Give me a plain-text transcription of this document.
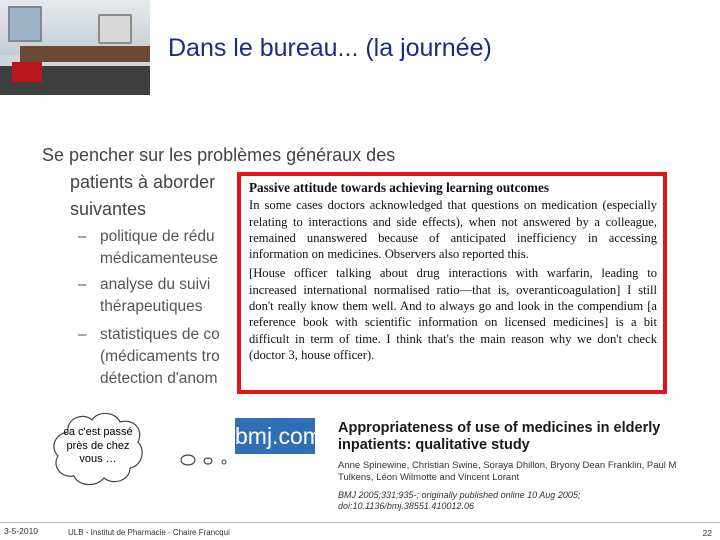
Dans le bureau... (la journée)
Se pencher sur les problèmes généraux des
patients à aborder
suivantes
– politique de rédu
médicamenteuse
– analyse du suivi
thérapeutiques
– statistiques de co
(médicaments tro
détection d'anom
Passive attitude towards achieving learning outcomes

In some cases doctors acknowledged that questions on medication (especially relating to interactions and side effects), when not answered by a colleague, remained unanswered because of anticipated inefficiency in accessing information on medicines. Observers also reported this.

[House officer talking about drug interactions with warfarin, leading to increased international normalised ratio—that is, overanticoagulation] I still don't really know them well. And to always go and look in the compendium [a reference book with scientific information on licensed medicines] is a bit difficult in term of time. I think that's the main reason why we don't check (doctor 3, house officer).

ca c'est passé près de chez vous …
bmj.com Appropriateness of use of medicines in elderly inpatients: qualitative study
Anne Spinewine, Christian Swine, Soraya Dhillon, Bryony Dean Franklin, Paul M Tulkens, Léon Wilmotte and Vincent Lorant
BMJ 2005;331;935-; originally published online 10 Aug 2005;
doi:10.1136/bmj.38551.410012.06
3-5-2010	ULB - Institut de Pharmacie - Chaire Francqui	22
